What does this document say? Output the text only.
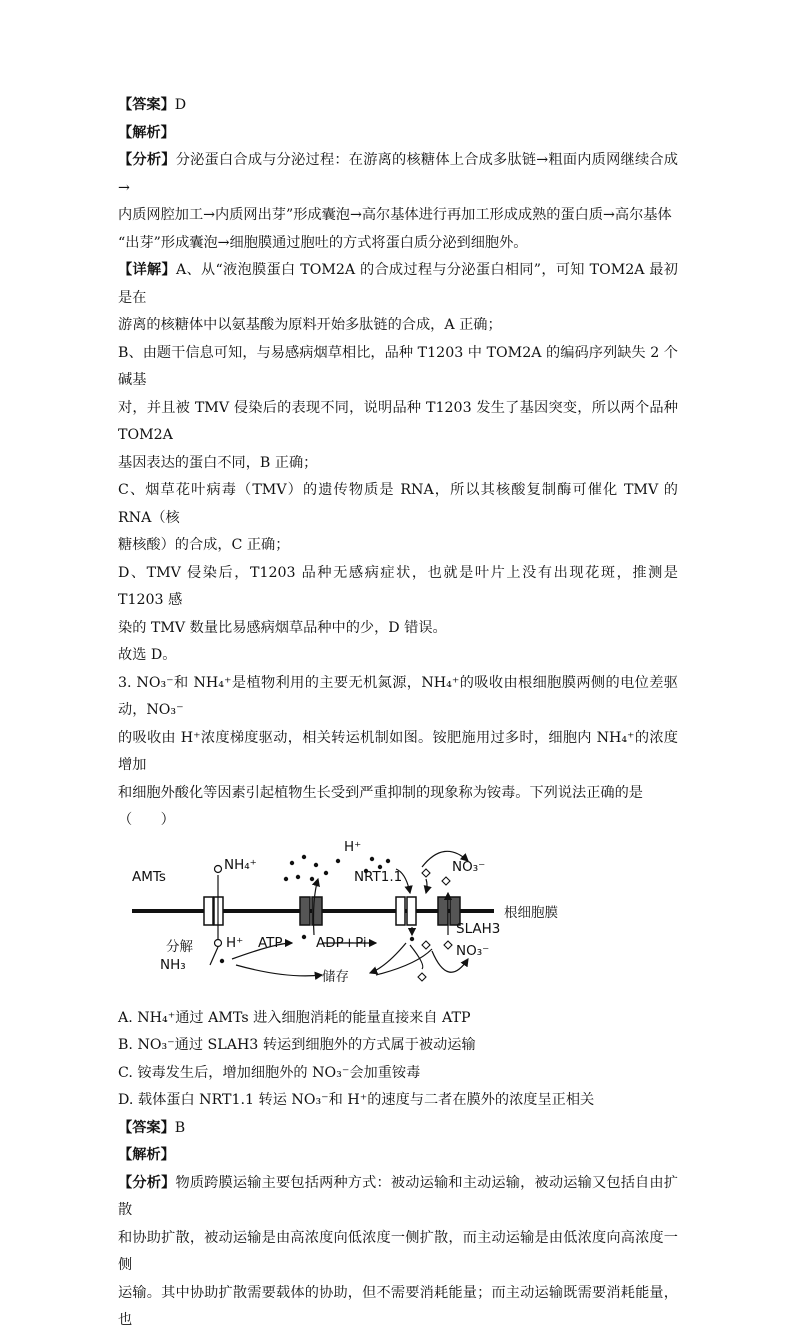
【答案】D

【解析】

【分析】分泌蛋白合成与分泌过程：在游离的核糖体上合成多肽链→粗面内质网继续合成→

内质网腔加工→内质网出芽”形成囊泡→高尔基体进行再加工形成成熟的蛋白质→高尔基体

“出芽”形成囊泡→细胞膜通过胞吐的方式将蛋白质分泌到细胞外。

【详解】A、从“液泡膜蛋白 TOM2A 的合成过程与分泌蛋白相同”，可知 TOM2A 最初是在

游离的核糖体中以氨基酸为原料开始多肽链的合成，A 正确；

B、由题干信息可知，与易感病烟草相比，品种 T1203 中 TOM2A 的编码序列缺失 2 个碱基

对，并且被 TMV 侵染后的表现不同，说明品种 T1203 发生了基因突变，所以两个品种 TOM2A

基因表达的蛋白不同，B 正确；

C、烟草花叶病毒（TMV）的遗传物质是 RNA，所以其核酸复制酶可催化 TMV 的 RNA（核

糖核酸）的合成，C 正确；

D、TMV 侵染后，T1203 品种无感病症状，也就是叶片上没有出现花斑，推测是 T1203 感

染的 TMV 数量比易感病烟草品种中的少，D 错误。

故选 D。

3. NO₃⁻和 NH₄⁺是植物利用的主要无机氮源，NH₄⁺的吸收由根细胞膜两侧的电位差驱动，NO₃⁻

的吸收由 H⁺浓度梯度驱动，相关转运机制如图。铵肥施用过多时，细胞内 NH₄⁺的浓度增加

和细胞外酸化等因素引起植物生长受到严重抑制的现象称为铵毒。下列说法正确的是

（　　）

AMTs
NH₄⁺
H⁺
NRT1.1
NO₃⁻
根细胞膜
SLAH3
NO₃⁻
分解
NH₃
H⁺ ATP ADP+Pi
储存

A. NH₄⁺通过 AMTs 进入细胞消耗的能量直接来自 ATP

B. NO₃⁻通过 SLAH3 转运到细胞外的方式属于被动运输

C. 铵毒发生后，增加细胞外的 NO₃⁻会加重铵毒

D. 载体蛋白 NRT1.1 转运 NO₃⁻和 H⁺的速度与二者在膜外的浓度呈正相关

【答案】B

【解析】

【分析】物质跨膜运输主要包括两种方式：被动运输和主动运输，被动运输又包括自由扩散

和协助扩散，被动运输是由高浓度向低浓度一侧扩散，而主动运输是由低浓度向高浓度一侧

运输。其中协助扩散需要载体的协助，但不需要消耗能量；而主动运输既需要消耗能量，也
